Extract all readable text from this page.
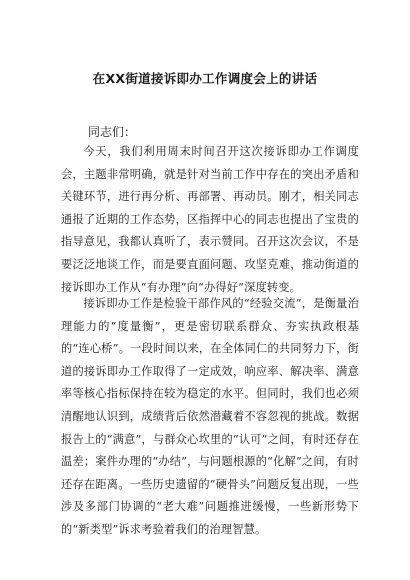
在XX街道接诉即办工作调度会上的讲话

同志们：

今天，我们利用周末时间召开这次接诉即办工作调度会，主题非常明确，就是针对当前工作中存在的突出矛盾和关键环节，进行再分析、再部署、再动员。刚才，相关同志通报了近期的工作态势，区指挥中心的同志也提出了宝贵的指导意见，我都认真听了，表示赞同。召开这次会议，不是要泛泛地谈工作，而是要直面问题、攻坚克难，推动街道的接诉即办工作从“有办理”向“办得好”深度转变。

接诉即办工作是检验干部作风的“经验交流”，是衡量治理能力的“度量衡”，更是密切联系群众、夯实执政根基的“连心桥”。一段时间以来，在全体同仁的共同努力下，街道的接诉即办工作取得了一定成效，响应率、解决率、满意率等核心指标保持在较为稳定的水平。但同时，我们也必须清醒地认识到，成绩背后依然潜藏着不容忽视的挑战。数据报告上的“满意”，与群众心坎里的“认可”之间，有时还存在温差；案件办理的“办结”，与问题根源的“化解”之间，有时还存在距离。一些历史遗留的“硬骨头”问题反复出现，一些涉及多部门协调的“老大难”问题推进缓慢，一些新形势下的“新类型”诉求考验着我们的治理智慧。
